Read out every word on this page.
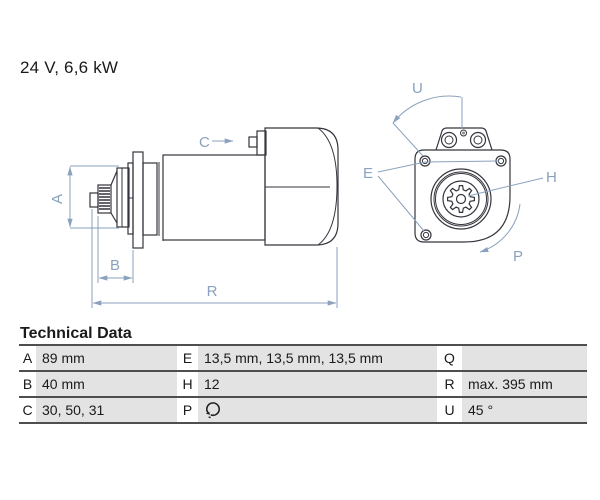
24 V, 6,6 kW
A
B
C
R
U
E	H
P
Technical Data
A 89 mm	E 13,5 mm, 13,5 mm, 13,5 mm	Q
B 40 mm	H 12	R max. 395 mm
C 30, 50, 31	P	U 45 °
